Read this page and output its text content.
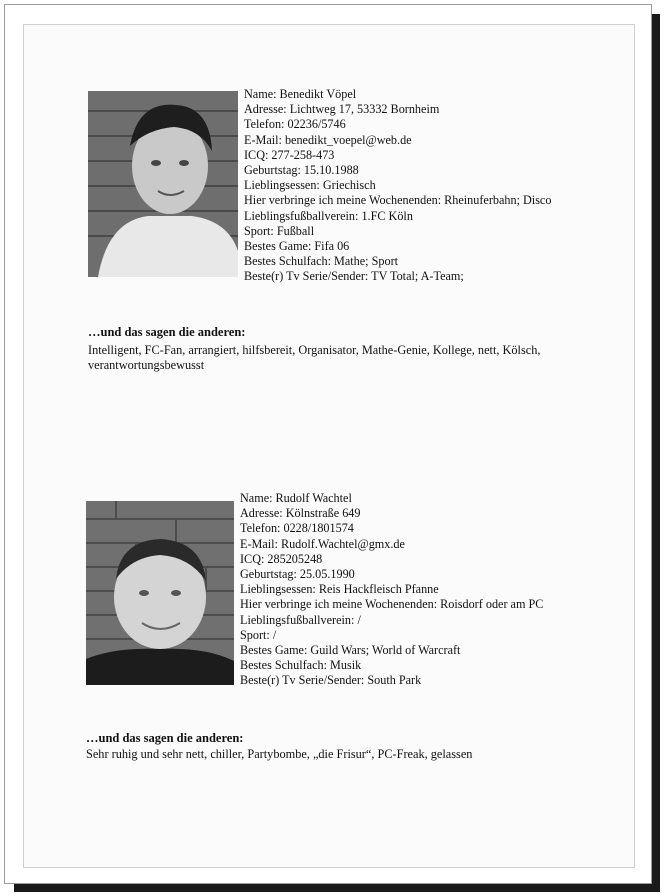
Name: Benedikt Vöpel
Adresse: Lichtweg 17, 53332 Bornheim
Telefon: 02236/5746
E-Mail: benedikt_voepel@web.de
ICQ: 277-258-473
Geburtstag: 15.10.1988
Lieblingsessen: Griechisch
Hier verbringe ich meine Wochenenden: Rheinuferbahn; Disco
Lieblingsfußballverein: 1.FC Köln
Sport: Fußball
Bestes Game: Fifa 06
Bestes Schulfach: Mathe; Sport
Beste(r) Tv Serie/Sender: TV Total; A-Team;
…und das sagen die anderen:
Intelligent, FC-Fan, arrangiert, hilfsbereit, Organisator, Mathe-Genie, Kollege, nett, Kölsch, verantwortungsbewusst
Name: Rudolf Wachtel
Adresse: Kölnstraße 649
Telefon: 0228/1801574
E-Mail: Rudolf.Wachtel@gmx.de
ICQ: 285205248
Geburtstag: 25.05.1990
Lieblingsessen: Reis Hackfleisch Pfanne
Hier verbringe ich meine Wochenenden: Roisdorf oder am PC
Lieblingsfußballverein: /
Sport: /
Bestes Game: Guild Wars; World of Warcraft
Bestes Schulfach: Musik
Beste(r) Tv Serie/Sender: South Park
…und das sagen die anderen:
Sehr ruhig und sehr nett, chiller, Partybombe, „die Frisur“, PC-Freak, gelassen
